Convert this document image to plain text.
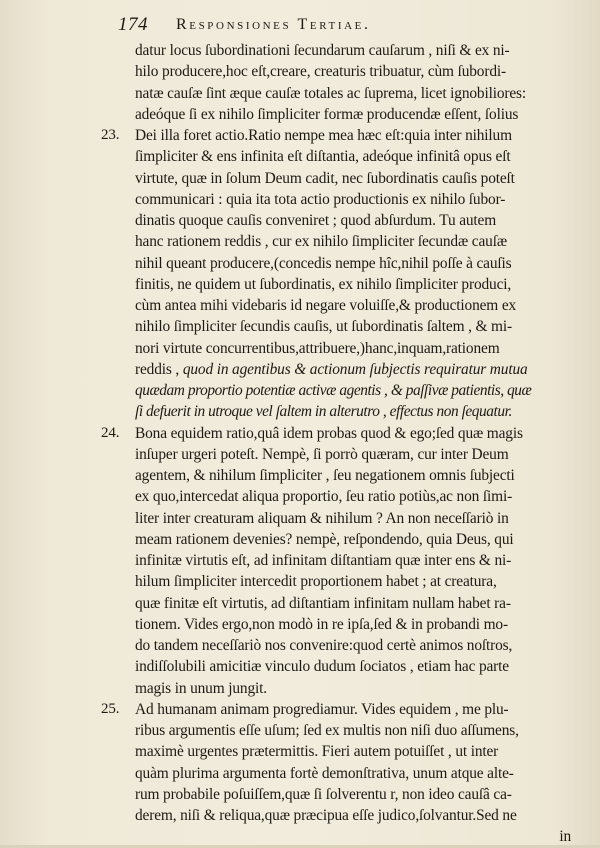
174 Responsiones Tertiae.
datur locus ſubordinationi ſecundarum cauſarum , niſi & ex ni-
hilo producere,hoc eſt,creare, creaturis tribuatur, cùm ſubordi-
natæ cauſæ ſint æque cauſæ totales ac ſuprema, licet ignobiliores:
adeóque ſi ex nihilo ſimpliciter formæ producendæ eſſent, ſolius
23.	Dei illa foret actio.Ratio nempe mea hæc eſt:quia inter nihilum
ſimpliciter & ens infinita eſt diſtantia, adeóque infinitâ opus eſt
virtute, quæ in ſolum Deum cadit, nec ſubordinatis cauſis poteſt
communicari : quia ita tota actio productionis ex nihilo ſubor-
dinatis quoque cauſis conveniret ; quod abſurdum. Tu autem
hanc rationem reddis , cur ex nihilo ſimpliciter ſecundæ cauſæ
nihil queant producere,(concedis nempe hîc,nihil poſſe à cauſis
finitis, ne quidem ut ſubordinatis, ex nihilo ſimpliciter produci,
cùm antea mihi videbaris id negare voluiſſe,& productionem ex
nihilo ſimpliciter ſecundis cauſis, ut ſubordinatis ſaltem , & mi-
nori virtute concurrentibus,attribuere,)hanc,inquam,rationem
reddis , quod in agentibus & actionum ſubjectis requiratur mutua
quædam proportio potentiæ activæ agentis , & paſſivæ patientis, quæ
ſi defuerit in utroque vel ſaltem in alterutro , effectus non ſequatur.
24.	Bona equidem ratio,quâ idem probas quod & ego;ſed quæ magis
inſuper urgeri poteſt. Nempè, ſi porrò quæram, cur inter Deum
agentem, & nihilum ſimpliciter , ſeu negationem omnis ſubjecti
ex quo,intercedat aliqua proportio, ſeu ratio potiùs,ac non ſimi-
liter inter creaturam aliquam & nihilum ? An non neceſſariò in
meam rationem devenies? nempè, reſpondendo, quia Deus, qui
infinitæ virtutis eſt, ad infinitam diſtantiam quæ inter ens & ni-
hilum ſimpliciter intercedit proportionem habet ; at creatura,
quæ finitæ eſt virtutis, ad diſtantiam infinitam nullam habet ra-
tionem. Vides ergo,non modò in re ipſa,ſed & in probandi mo-
do tandem neceſſariò nos convenire:quod certè animos noſtros,
indiſſolubili amicitiæ vinculo dudum ſociatos , etiam hac parte
magis in unum jungit.
25.	Ad humanam animam progrediamur. Vides equidem , me plu-
ribus argumentis eſſe uſum; ſed ex multis non niſi duo aſſumens,
maximè urgentes prætermittis. Fieri autem potuiſſet , ut inter
quàm plurima argumenta fortè demonſtrativa, unum atque alte-
rum probabile poſuiſſem,quæ ſi ſolverentu r, non ideo cauſâ ca-
derem, niſi & reliqua,quæ præcipua eſſe judico,ſolvantur.Sed ne
in
